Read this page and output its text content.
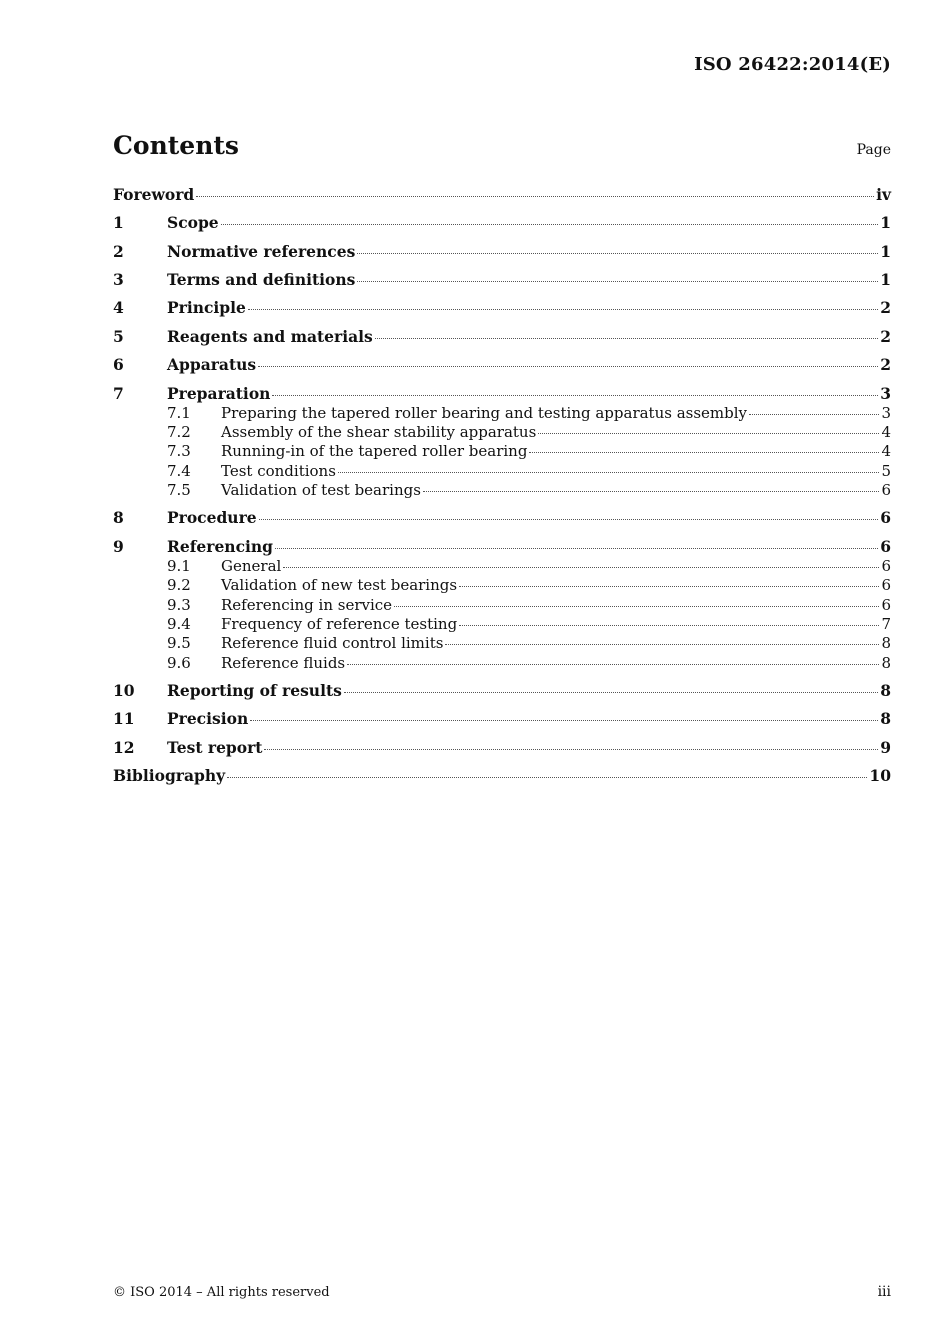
ISO 26422:2014(E)
Contents	Page
Foreword	iv
1	Scope	1
2	Normative references	1
3	Terms and definitions	1
4	Principle	2
5	Reagents and materials	2
6	Apparatus	2
7	Preparation	3
7.1	Preparing the tapered roller bearing and testing apparatus assembly	3
7.2	Assembly of the shear stability apparatus	4
7.3	Running-in of the tapered roller bearing	4
7.4	Test conditions	5
7.5	Validation of test bearings	6
8	Procedure	6
9	Referencing	6
9.1	General	6
9.2	Validation of new test bearings	6
9.3	Referencing in service	6
9.4	Frequency of reference testing	7
9.5	Reference fluid control limits	8
9.6	Reference fluids	8
10	Reporting of results	8
11	Precision	8
12	Test report	9
Bibliography	10
© ISO 2014 – All rights reserved	iii
